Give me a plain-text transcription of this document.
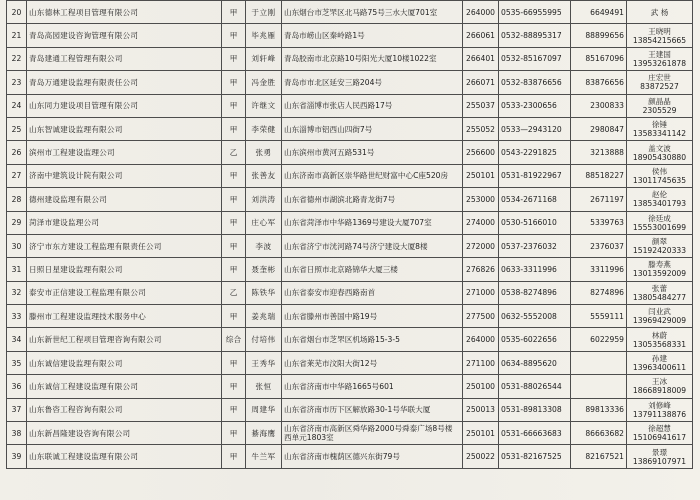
20	山东德林工程项目管理有限公司	甲	于立刚	山东烟台市芝罘区北马路75号三水大厦701室	264000	0535-66955995	6649491	武 杨

21	青岛高园建设咨询管理有限公司	甲	毕兆雁	青岛市崂山区秦岭路1号	266061	0532-88895317	88899656	王晓明
13854215665

22	青岛建通工程管理有限公司	甲	刘轩峰	青岛胶南市北京路10号阳光大厦10楼1022室	266401	0532-85167097	85167096	王建国
13953261878

23	青岛万通建设监理有限责任公司	甲	冯金胜	青岛市市北区延安三路204号	266071	0532-83876656	83876656	庄宏世
83872527

24	山东同力建设项目管理有限公司	甲	许继文	山东省淄博市张店人民西路17号	255037	0533-2300656	2300833	颜晶晶
2305529

25	山东智诚建设监理有限公司	甲	李荣健	山东淄博市铝西山四街7号	255052	0533—2943120	2980847	徐锤
13583341142

26	滨州市工程建设监理公司	乙	张勇	山东滨州市黄河五路531号	256600	0543-2291825	3213888	盖文波
18905430880

27	济南中建筑设计院有限公司	甲	张善友	山东济南市高新区崇华路世纪财富中心C座520房	250101	0531-81922967	88518227	侯伟
13011745635

28	德州建设监理有限公司	甲	刘洪涛	山东省德州市湖滨北路青龙街7号	253000	0534-2671168	2671197	赵伦
13853401793

29	菏泽市建设监理公司	甲	庄心军	山东省菏泽市中华路1369号建设大厦707室	274000	0530-5166010	5339763	徐廷成
15553001699

30	济宁市东方建设工程监理有限责任公司	甲	李波	山东省济宁市洸河路74号济宁建设大厦8楼	272000	0537-2376032	2376037	颜翠
15192420333

31	日照日星建设监理有限公司	甲	聂奎彬	山东省日照市北京路锦华大厦三楼	276826	0633-3311996	3311996	滕寿燕
13013592009

32	泰安市正信建设工程监理有限公司	乙	陈铁华	山东省泰安市迎春西路南首	271000	0538-8274896	8274896	张蕾
13805484277

33	滕州市工程建设监理技术服务中心	甲	姜兆瑞	山东省滕州市善国中路19号	277500	0632-5552008	5559111	闫业武
13969429009

34	山东新世纪工程项目管理咨询有限公司	综合	付培伟	山东省烟台市芝罘区机场路15-3-5	264000	0535-6022656	6022959	林蔚
13053568331

35	山东诚信建设监理有限公司	甲	王秀华	山东省莱芜市汶阳大街12号	271100	0634-8895620		孙建
13963400611

36	山东诚信工程建设监理有限公司	甲	张恒	山东省济南市中华路1665号601	250100	0531-88026544		王冰
18668918009

37	山东鲁咨工程咨询有限公司	甲	周建华	山东省济南市历下区解放路30-1号华联大厦	250013	0531-89813308	89813336	刘修峰
13791138876

38	山东新昌隆建设咨询有限公司	甲	綦海鹰	山东省济南市高新区舜华路2000号舜泰广场8号楼西单元1803室	250101	0531-66663683	86663682	徐超慧
15106941617

39	山东联诚工程建设监理有限公司	甲	牛兰军	山东省济南市槐荫区德兴东街79号	250022	0531-82167525	82167521	景璟
13869107971
